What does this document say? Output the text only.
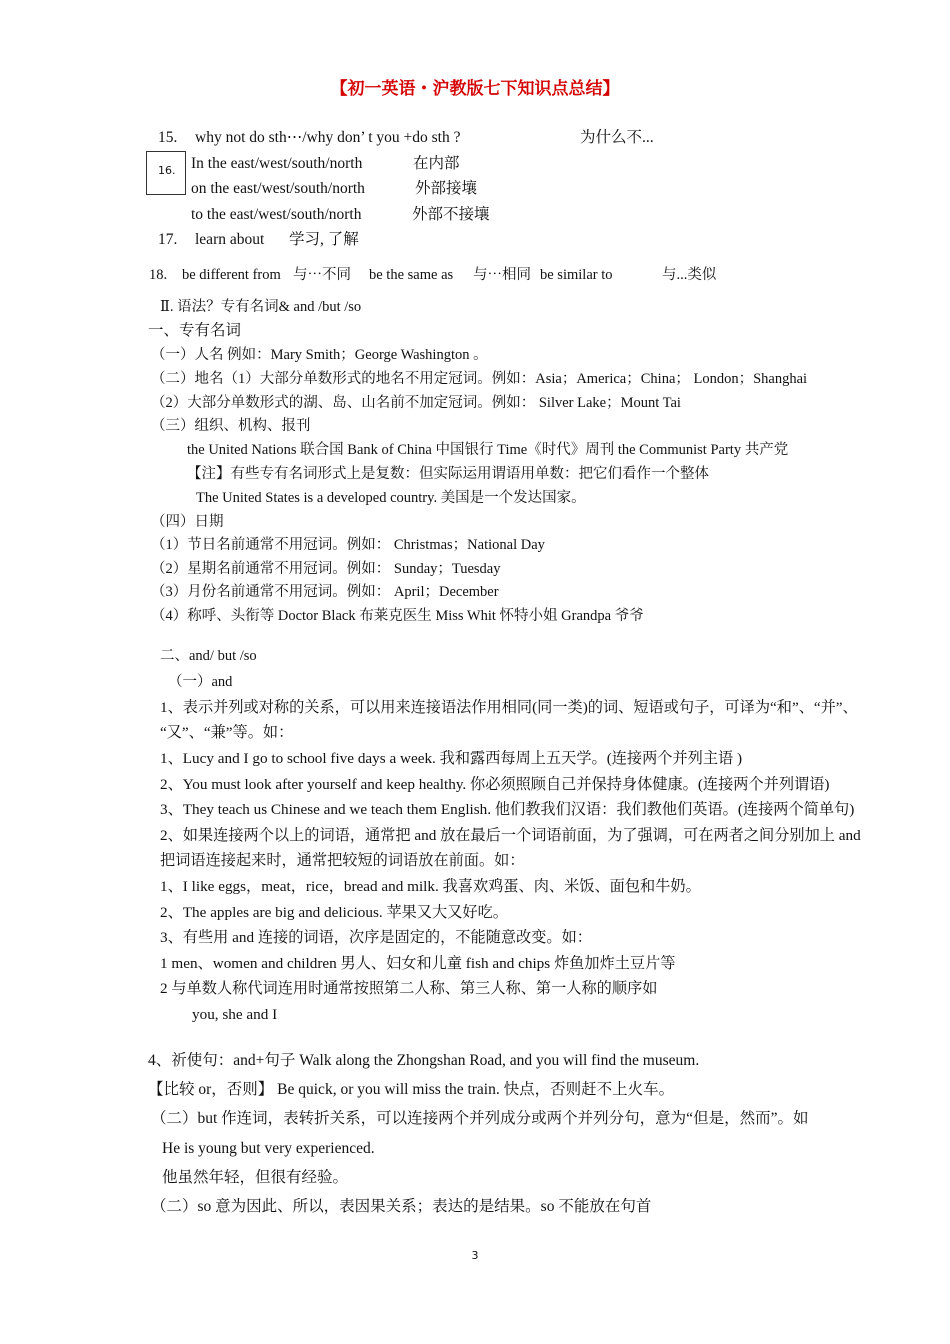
【初一英语・沪教版七下知识点总结】
15. why not do sth⋯/why don’ t you +do sth ?	为什么不...
16. In the east/west/south/north	在内部
on the east/west/south/north	外部接壤
to the east/west/south/north	外部不接壤
17. learn about 学习, 了解
18. be different from 与⋯不同 be the same as 与⋯相同 be similar to	与...类似
Ⅱ. 语法？专有名词& and /but /so
一、专有名词
（一）人名 例如：Mary Smith；George Washington 。
（二）地名（1）大部分单数形式的地名不用定冠词。例如：Asia；America；China； London；Shanghai
（2）大部分单数形式的湖、岛、山名前不加定冠词。例如： Silver Lake；Mount Tai
（三）组织、机构、报刊
the United Nations 联合国 Bank of China 中国银行 Time《时代》周刊 the Communist Party 共产党
【注】有些专有名词形式上是复数：但实际运用谓语用单数：把它们看作一个整体
The United States is a developed country. 美国是一个发达国家。
（四）日期
（1）节日名前通常不用冠词。例如： Christmas；National Day
（2）星期名前通常不用冠词。例如： Sunday；Tuesday
（3）月份名前通常不用冠词。例如： April；December
（4）称呼、头衔等 Doctor Black 布莱克医生 Miss Whit 怀特小姐 Grandpa 爷爷
二、and/ but /so
（一）and
1、表示并列或对称的关系，可以用来连接语法作用相同(同一类)的词、短语或句子，可译为“和”、“并”、
“又”、“兼”等。如：
1、Lucy and I go to school five days a week. 我和露西每周上五天学。(连接两个并列主语 )
2、You must look after yourself and keep healthy. 你必须照顾自己并保持身体健康。(连接两个并列谓语)
3、They teach us Chinese and we teach them English. 他们教我们汉语：我们教他们英语。(连接两个简单句)
2、如果连接两个以上的词语，通常把 and 放在最后一个词语前面，为了强调，可在两者之间分别加上 and
把词语连接起来时，通常把较短的词语放在前面。如：
1、I like eggs，meat，rice，bread and milk. 我喜欢鸡蛋、肉、米饭、面包和牛奶。
2、The apples are big and delicious. 苹果又大又好吃。
3、有些用 and 连接的词语，次序是固定的，不能随意改变。如：
1 men、women and children 男人、妇女和儿童 fish and chips 炸鱼加炸土豆片等
2 与单数人称代词连用时通常按照第二人称、第三人称、第一人称的顺序如
you, she and I
4、祈使句：and+句子 Walk along the Zhongshan Road, and you will find the museum.
【比较 or，否则】 Be quick, or you will miss the train. 快点，否则赶不上火车。
（二）but 作连词，表转折关系，可以连接两个并列成分或两个并列分句，意为“但是，然而”。如
He is young but very experienced.
他虽然年轻，但很有经验。
（二）so 意为因此、所以，表因果关系；表达的是结果。so 不能放在句首
3
